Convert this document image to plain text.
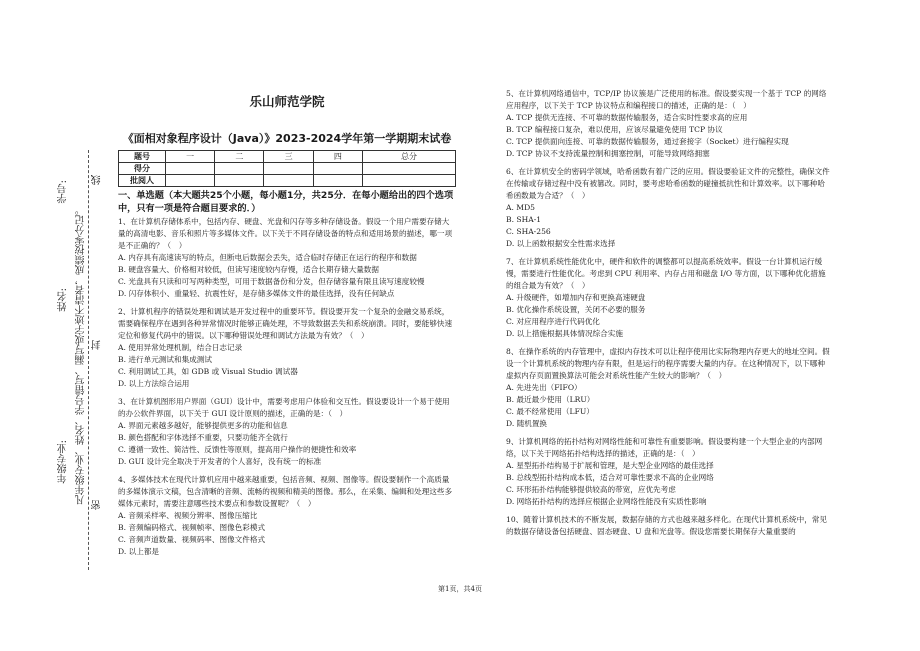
学号:
姓名:
年级专业: 凡年级专业、姓名、学号错写、漏写或字迹不清者，成绩按零分记。
线
封
密
乐山师范学院
《面相对象程序设计（Java）》2023-2024学年第一学期期末试卷
题号	一	二	三	四	总分
得分					
批阅人					
一、单选题（本大题共25个小题，每小题1分，共25分．在每小题给出的四个选项中，只有一项是符合题目要求的．）

1、在计算机存储体系中，包括内存、硬盘、光盘和闪存等多种存储设备。假设一个用户需要存储大量的高清电影、音乐和照片等多媒体文件。以下关于不同存储设备的特点和适用场景的描述，哪一项是不正确的？（　）

A. 内存具有高速读写的特点，但断电后数据会丢失，适合临时存储正在运行的程序和数据

B. 硬盘容量大、价格相对较低，但读写速度较内存慢，适合长期存储大量数据

C. 光盘具有只读和可写两种类型，可用于数据备份和分发，但存储容量有限且读写速度较慢

D. 闪存体积小、重量轻、抗震性好，是存储多媒体文件的最佳选择，没有任何缺点

2、计算机程序的错误处理和调试是开发过程中的重要环节。假设要开发一个复杂的金融交易系统，需要确保程序在遇到各种异常情况时能够正确处理，不导致数据丢失和系统崩溃。同时，要能够快速定位和修复代码中的错误。以下哪种错误处理和调试方法最为有效？（　）

A. 使用异常处理机制，结合日志记录

B. 进行单元测试和集成测试

C. 利用调试工具，如 GDB 或 Visual Studio 调试器

D. 以上方法综合运用

3、在计算机图形用户界面（GUI）设计中，需要考虑用户体验和交互性。假设要设计一个易于使用的办公软件界面，以下关于 GUI 设计原则的描述，正确的是：（　）

A. 界面元素越多越好，能够提供更多的功能和信息

B. 颜色搭配和字体选择不重要，只要功能齐全就行

C. 遵循一致性、简洁性、反馈性等原则，提高用户操作的便捷性和效率

D. GUI 设计完全取决于开发者的个人喜好，没有统一的标准

4、多媒体技术在现代计算机应用中越来越重要，包括音频、视频、图像等。假设要制作一个高质量的多媒体演示文稿，包含清晰的音频、流畅的视频和精美的图像。那么，在采集、编辑和处理这些多媒体元素时，需要注意哪些技术要点和参数设置呢？（　）

A. 音频采样率、视频分辨率、图像压缩比

B. 音频编码格式、视频帧率、图像色彩模式

C. 音频声道数量、视频码率、图像文件格式

D. 以上都是

5、在计算机网络通信中，TCP/IP 协议簇是广泛使用的标准。假设要实现一个基于 TCP 的网络应用程序，以下关于 TCP 协议特点和编程接口的描述，正确的是：（　）

A. TCP 提供无连接、不可靠的数据传输服务，适合实时性要求高的应用

B. TCP 编程接口复杂，难以使用，应该尽量避免使用 TCP 协议

C. TCP 提供面向连接、可靠的数据传输服务，通过套接字（Socket）进行编程实现

D. TCP 协议不支持流量控制和拥塞控制，可能导致网络拥塞

6、在计算机安全的密码学领域，哈希函数有着广泛的应用。假设要验证文件的完整性，确保文件在传输或存储过程中没有被篡改。同时，要考虑哈希函数的碰撞抵抗性和计算效率。以下哪种哈希函数最为合适？（　）

A. MD5

B. SHA-1

C. SHA-256

D. 以上函数根据安全性需求选择

7、在计算机系统性能优化中，硬件和软件的调整都可以提高系统效率。假设一台计算机运行缓慢，需要进行性能优化。考虑到 CPU 利用率、内存占用和磁盘 I/O 等方面，以下哪种优化措施的组合最为有效？（　）

A. 升级硬件，如增加内存和更换高速硬盘

B. 优化操作系统设置，关闭不必要的服务

C. 对应用程序进行代码优化

D. 以上措施根据具体情况综合实施

8、在操作系统的内存管理中，虚拟内存技术可以让程序使用比实际物理内存更大的地址空间。假设一个计算机系统的物理内存有限，但是运行的程序需要大量的内存。在这种情况下，以下哪种虚拟内存页面置换算法可能会对系统性能产生较大的影响？（　）

A. 先进先出（FIFO）

B. 最近最少使用（LRU）

C. 最不经常使用（LFU）

D. 随机置换

9、计算机网络的拓扑结构对网络性能和可靠性有重要影响。假设要构建一个大型企业的内部网络，以下关于网络拓扑结构选择的描述，正确的是：（　）

A. 星型拓扑结构易于扩展和管理，是大型企业网络的最佳选择

B. 总线型拓扑结构成本低，适合对可靠性要求不高的企业网络

C. 环形拓扑结构能够提供较高的带宽，应优先考虑

D. 网络拓扑结构的选择应根据企业网络性能没有实质性影响

10、随着计算机技术的不断发展，数据存储的方式也越来越多样化。在现代计算机系统中，常见的数据存储设备包括硬盘、固态硬盘、U 盘和光盘等。假设您需要长期保存大量重要的

第1页，共4页
